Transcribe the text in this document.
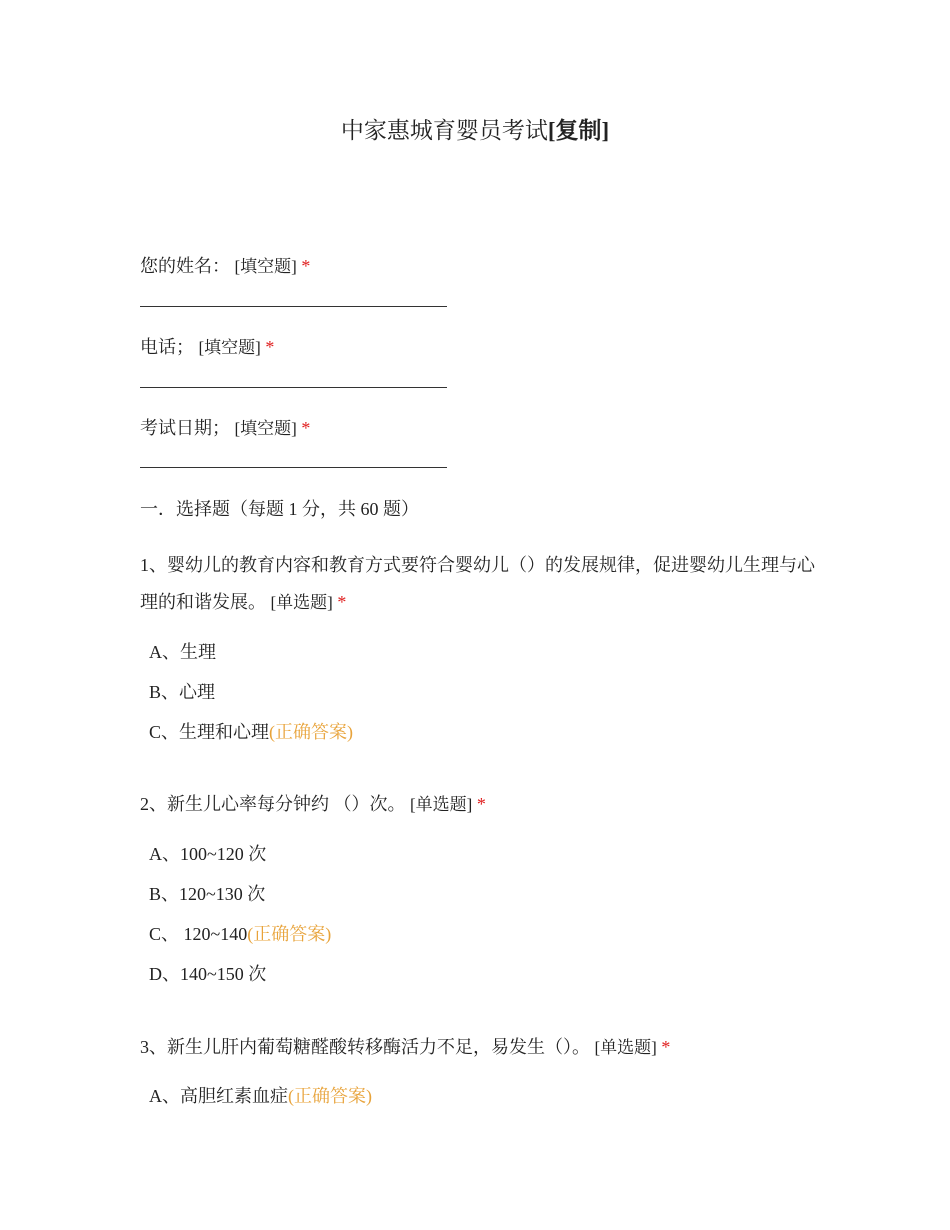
中家惠城育婴员考试[复制]
您的姓名： [填空题] *
电话； [填空题] *
考试日期； [填空题] *
一．选择题（每题 1 分，共 60 题）
1、婴幼儿的教育内容和教育方式要符合婴幼儿（）的发展规律，促进婴幼儿生理与心理的和谐发展。 [单选题] *
A、生理
B、心理
C、生理和心理(正确答案)
2、新生儿心率每分钟约 （）次。 [单选题] *
A、100~120 次
B、120~130 次
C、 120~140(正确答案)
D、140~150 次
3、新生儿肝内葡萄糖醛酸转移酶活力不足，易发生（）。 [单选题] *
A、高胆红素血症(正确答案)
